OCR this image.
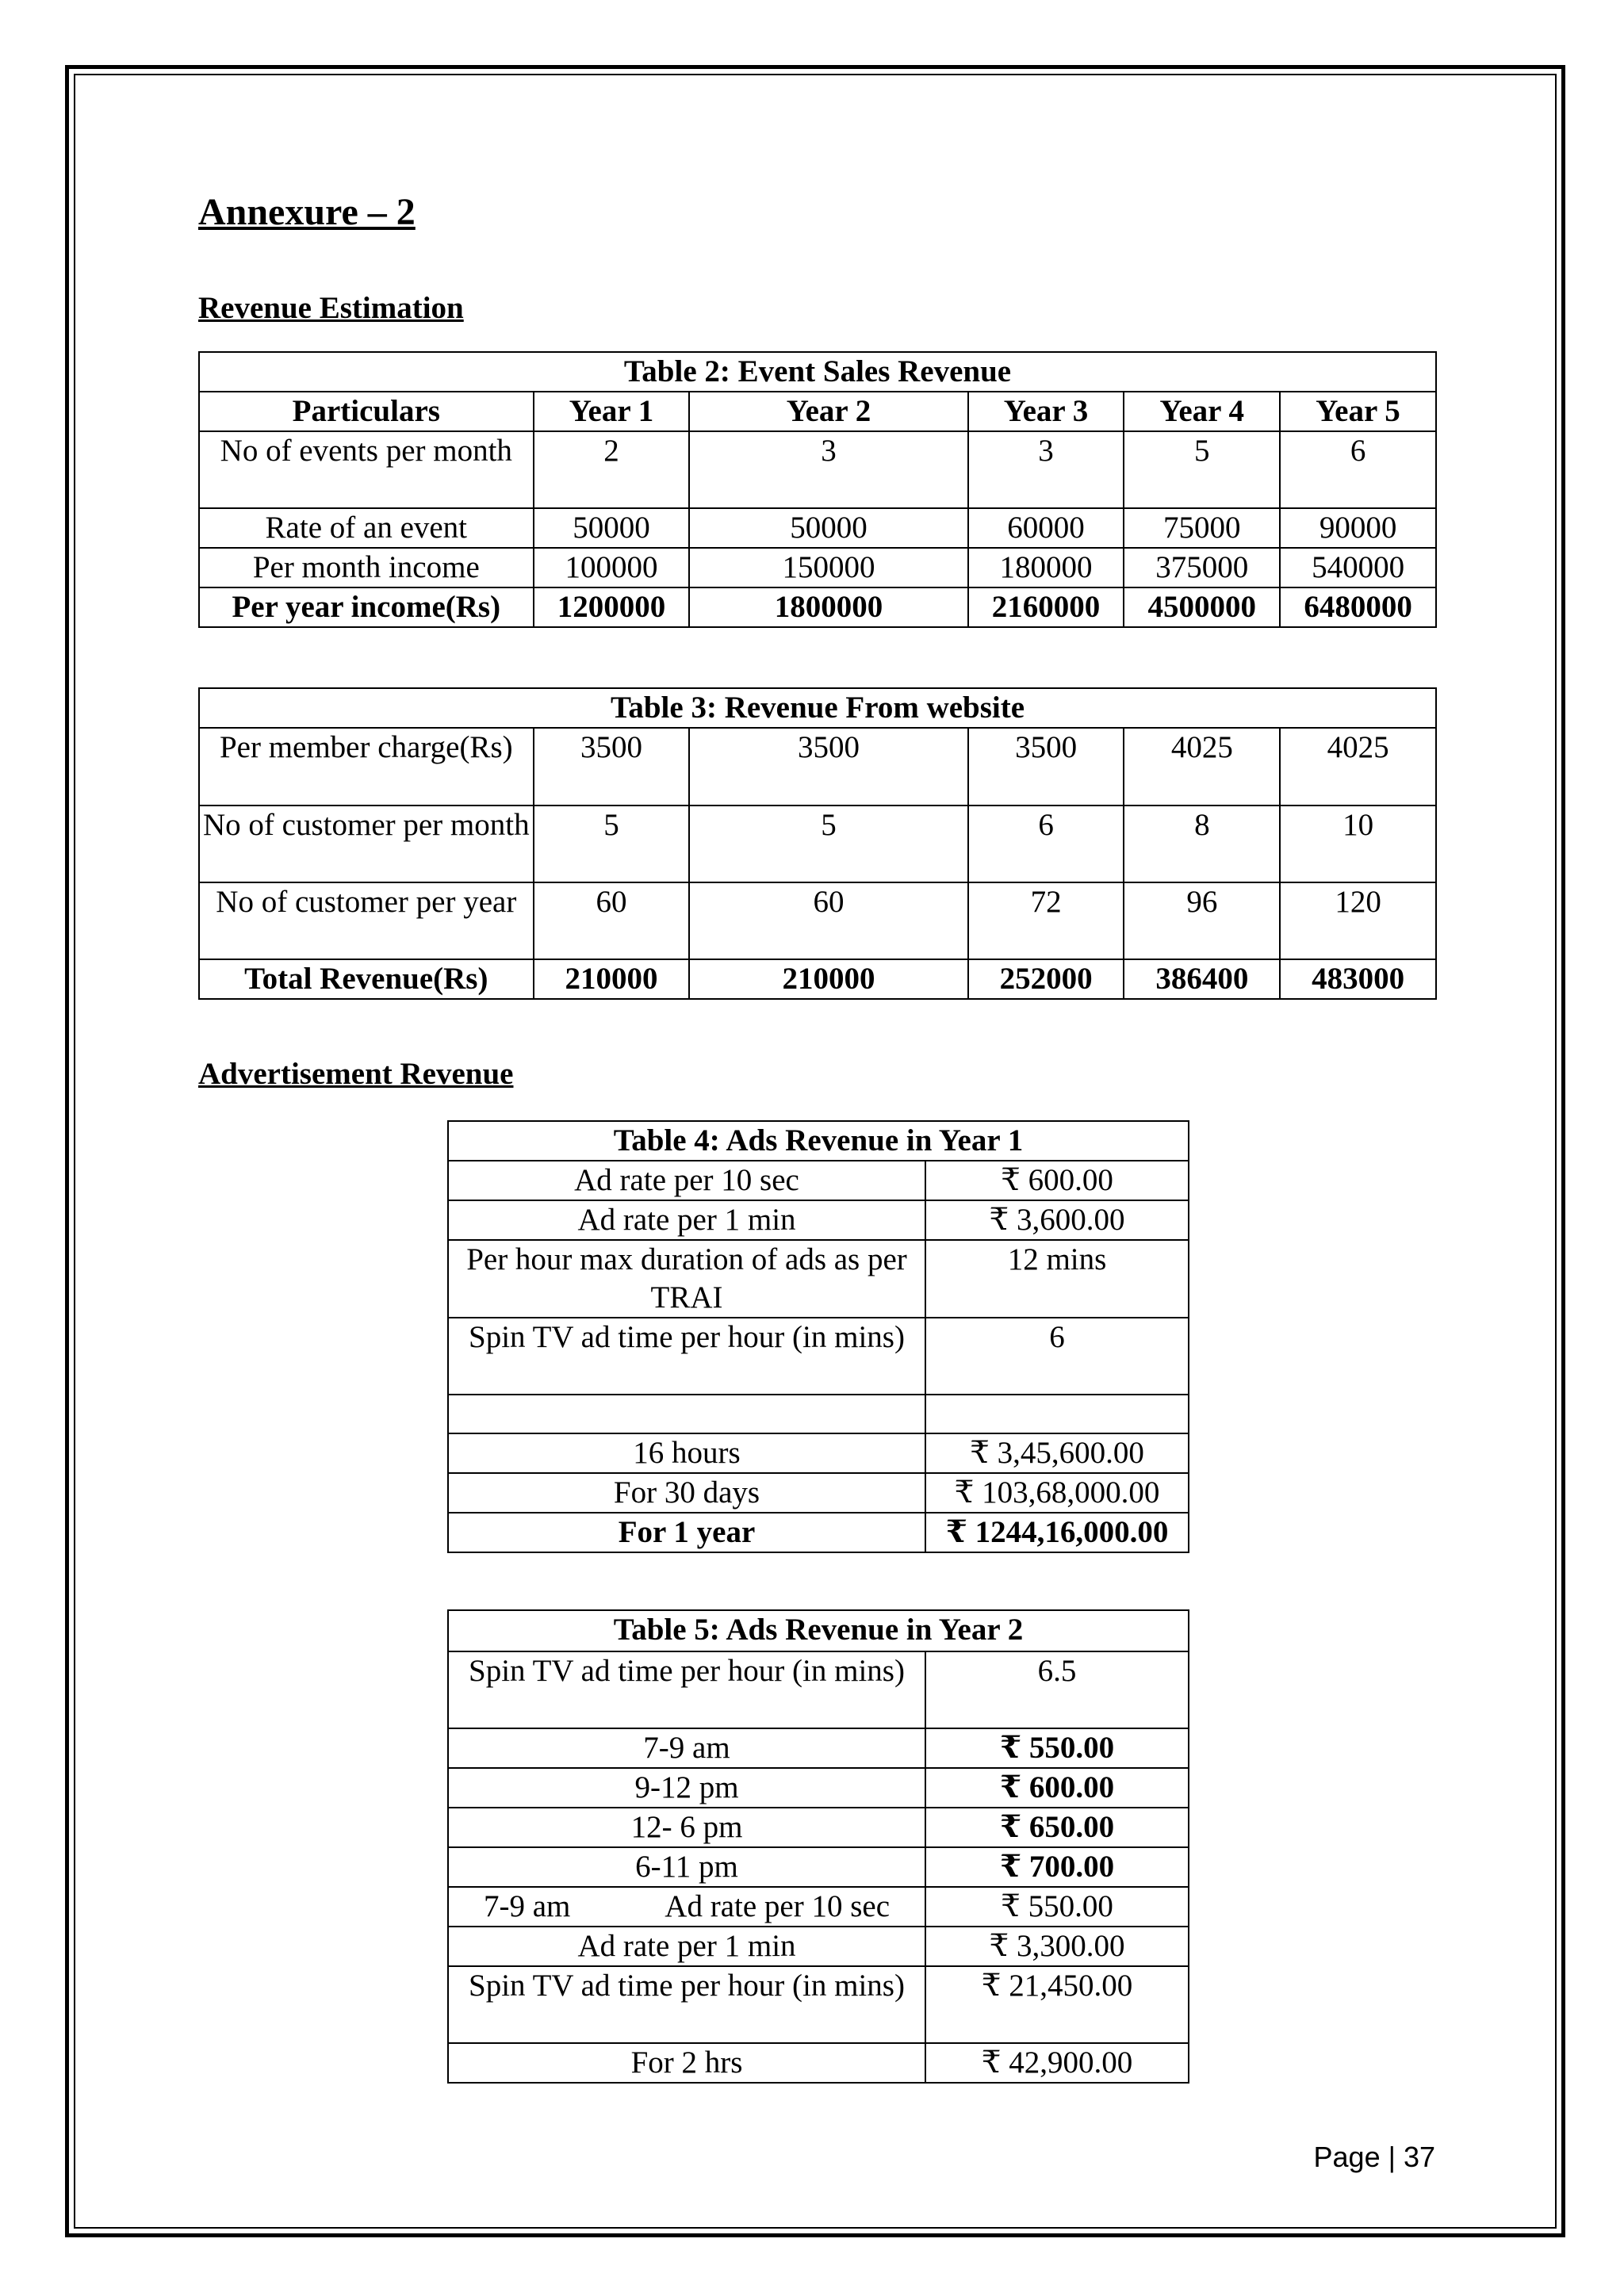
Annexure – 2
Revenue Estimation
Table 2: Event Sales Revenue					
Particulars	Year 1	Year 2	Year 3	Year 4	Year 5
No of events per month	2	3	3	5	6
Rate of an event	50000	50000	60000	75000	90000
Per month income	100000	150000	180000	375000	540000
Per year income(Rs)	1200000	1800000	2160000	4500000	6480000
Table 3: Revenue From website					
Per member charge(Rs)	3500	3500	3500	4025	4025
No of customer per month	5	5	6	8	10
No of customer per year	60	60	72	96	120
Total Revenue(Rs)	210000	210000	252000	386400	483000
Advertisement Revenue
Table 4: Ads Revenue in Year 1	
Ad rate per 10 sec	₹ 600.00
Ad rate per 1 min	₹ 3,600.00
Per hour max duration of ads as per TRAI	12 mins
Spin TV ad time per hour (in mins)	6

16 hours	₹ 3,45,600.00
For 30 days	₹ 103,68,000.00
For 1 year	₹ 1244,16,000.00
Table 5: Ads Revenue in Year 2	
Spin TV ad time per hour (in mins)	6.5
7-9 am	₹ 550.00
9-12 pm	₹ 600.00
12- 6 pm	₹ 650.00
6-11 pm	₹ 700.00

7-9 am Ad rate per 10 sec	₹ 550.00
Ad rate per 1 min	₹ 3,300.00
Spin TV ad time per hour (in mins)	₹ 21,450.00
For 2 hrs	₹ 42,900.00
Page | 37
